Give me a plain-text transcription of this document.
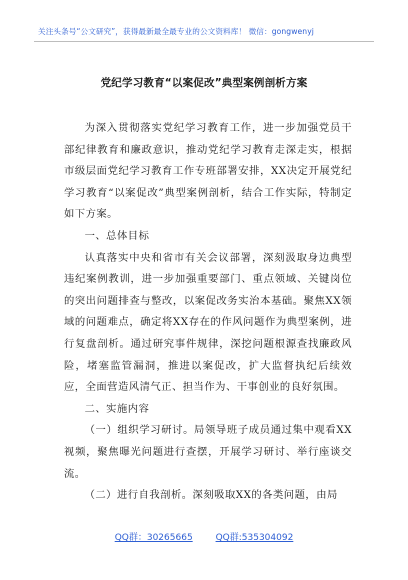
关注头条号“公文研究”，获得最新最全最专业的公文资料库！ 微信：gongwenyj
党纪学习教育“以案促改”典型案例剖析方案

为深入贯彻落实党纪学习教育工作，进一步加强党员干部纪律教育和廉政意识，推动党纪学习教育走深走实，根据市级层面党纪学习教育工作专班部署安排，XX决定开展党纪学习教育“以案促改”典型案例剖析，结合工作实际，特制定如下方案。

一、总体目标

认真落实中央和省市有关会议部署，深刻汲取身边典型违纪案例教训，进一步加强重要部门、重点领域、关键岗位的突出问题排查与整改，以案促改务实治本基础。聚焦XX领域的问题难点，确定将XX存在的作风问题作为典型案例，进行复盘剖析。通过研究事件规律，深挖问题根源查找廉政风险，堵塞监管漏洞，推进以案促改，扩大监督执纪后续效应，全面营造风清气正、担当作为、干事创业的良好氛围。

二、实施内容

（一）组织学习研讨。局领导班子成员通过集中观看XX视频，聚焦曝光问题进行查摆，开展学习研讨、举行座谈交流。

（二）进行自我剖析。深刻吸取XX的各类问题，由局

QQ群：30265665	QQ群:535304092
